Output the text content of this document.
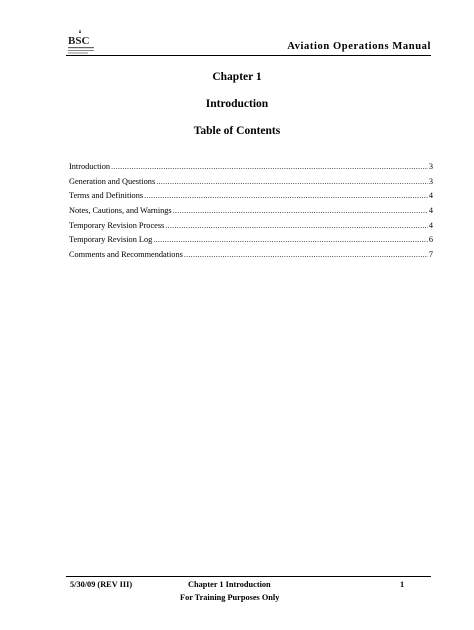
BSC	Aviation Operations Manual
Chapter 1
Introduction
Table of Contents
Introduction .....	3
Generation and Questions .....	3
Terms and Definitions .....	4
Notes, Cautions, and Warnings .....	4
Temporary Revision Process .....	4
Temporary Revision Log .....	6
Comments and Recommendations .....	7
5/30/09 (REV III)	Chapter 1 Introduction	1
For Training Purposes Only
